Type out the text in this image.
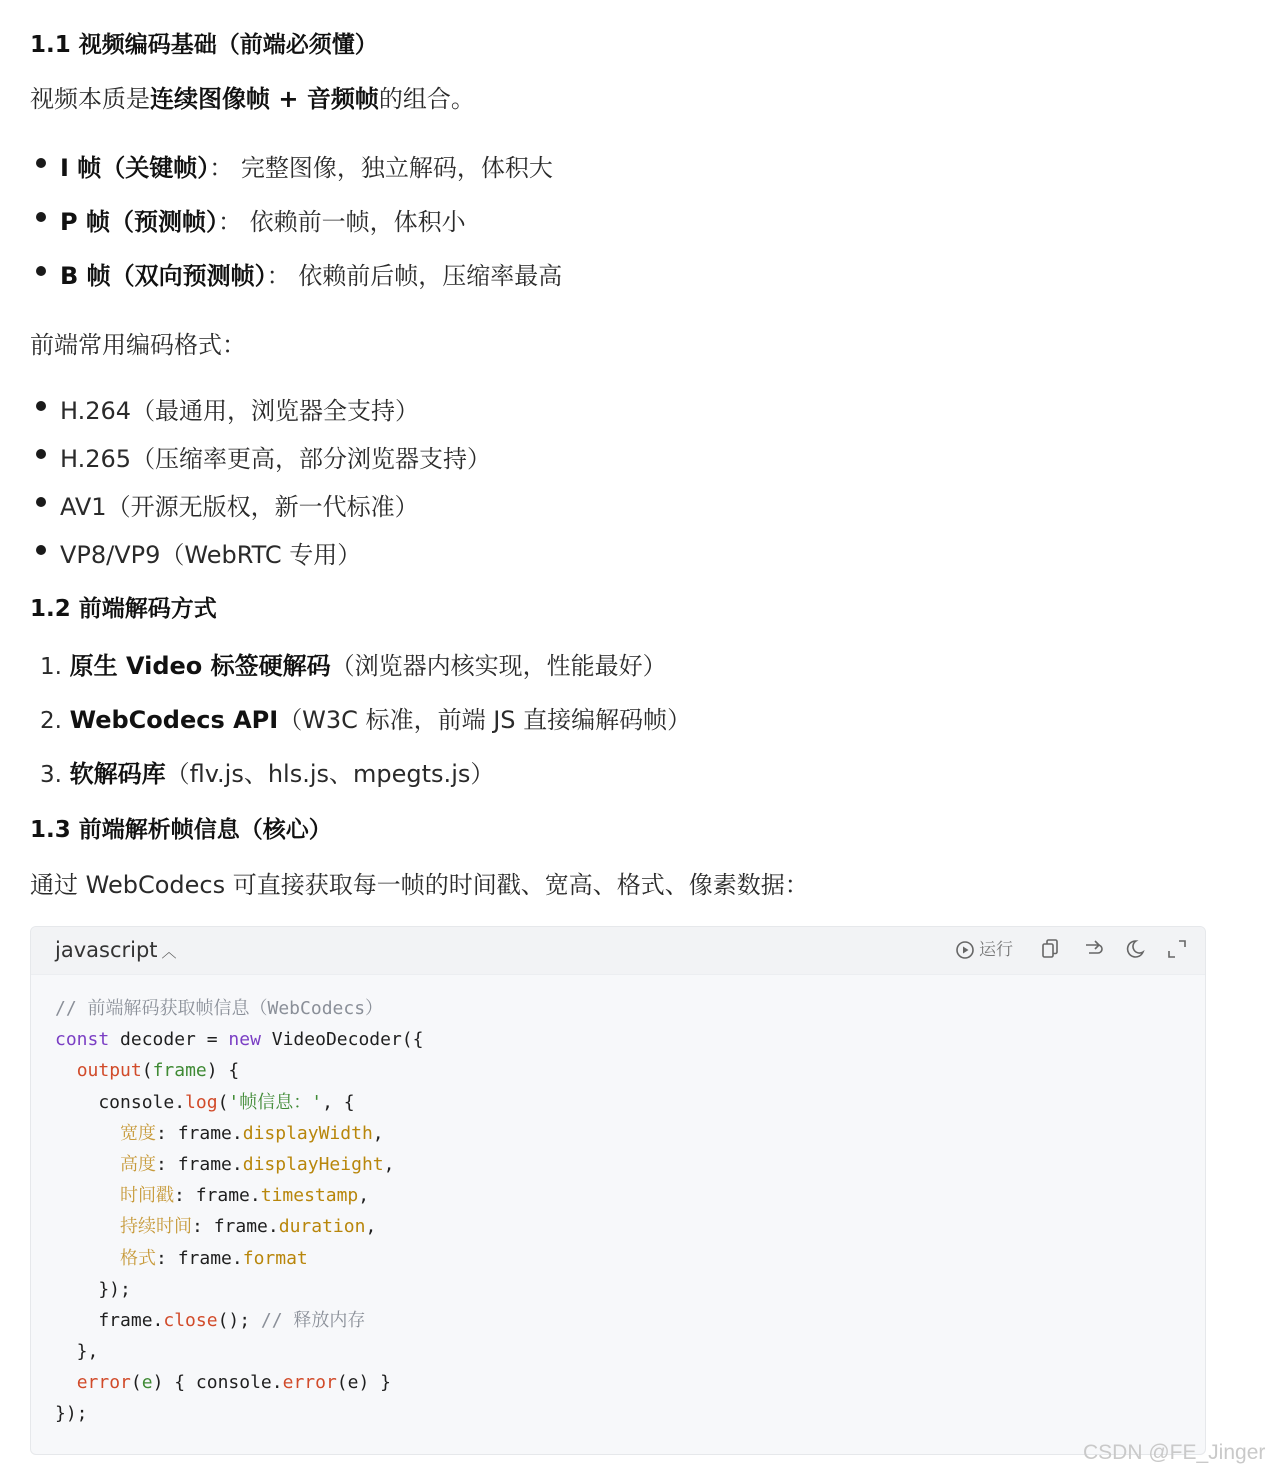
1.1 视频编码基础（前端必须懂）
视频本质是连续图像帧 + 音频帧的组合。
I 帧（关键帧）： 完整图像，独立解码，体积大
P 帧（预测帧）： 依赖前一帧，体积小
B 帧（双向预测帧）： 依赖前后帧，压缩率最高
前端常用编码格式：
H.264（最通用，浏览器全支持）
H.265（压缩率更高，部分浏览器支持）
AV1（开源无版权，新一代标准）
VP8/VP9（WebRTC 专用）
1.2 前端解码方式
1. 原生 Video 标签硬解码（浏览器内核实现，性能最好）
2. WebCodecs API（W3C 标准，前端 JS 直接编解码帧）
3. 软解码库（flv.js、hls.js、mpegts.js）
1.3 前端解析帧信息（核心）
通过 WebCodecs 可直接获取每一帧的时间戳、宽高、格式、像素数据：
javascript ︿	运行
// 前端解码获取帧信息（WebCodecs）
const decoder = new VideoDecoder({
output(frame) {
console.log('帧信息：', {
宽度: frame.displayWidth,
高度: frame.displayHeight,
时间戳: frame.timestamp,
持续时间: frame.duration,
格式: frame.format
});
frame.close(); // 释放内存
},
error(e) { console.error(e) }
});
CSDN @FE_Jinger
